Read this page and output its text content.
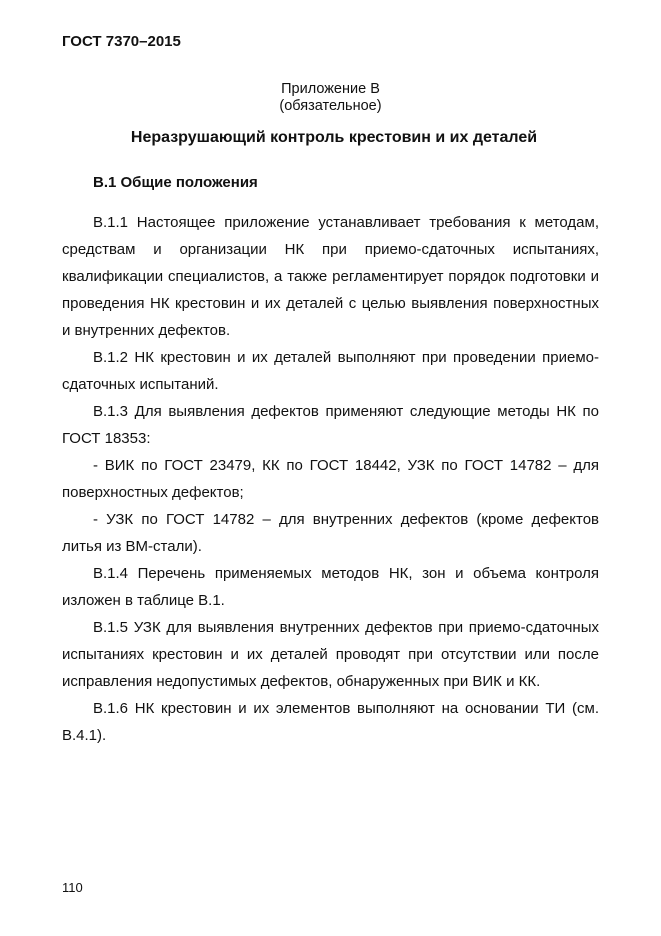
ГОСТ 7370–2015
Приложение В
(обязательное)
Неразрушающий контроль крестовин и их деталей
В.1 Общие положения

В.1.1 Настоящее приложение устанавливает требования к методам, средствам и организации НК при приемо-сдаточных испытаниях, квалификации специалистов, а также регламентирует порядок подготовки и проведения НК крестовин и их деталей с целью выявления поверхностных и внутренних дефектов.

В.1.2 НК крестовин и их деталей выполняют при проведении приемо-сдаточных испытаний.

В.1.3 Для выявления дефектов применяют следующие методы НК по ГОСТ 18353:

- ВИК по ГОСТ 23479, КК по ГОСТ 18442, УЗК по ГОСТ 14782 – для поверхностных дефектов;

- УЗК по ГОСТ 14782 – для внутренних дефектов (кроме дефектов литья из ВМ-стали).

В.1.4 Перечень применяемых методов НК, зон и объема контроля изложен в таблице В.1.

В.1.5 УЗК для выявления внутренних дефектов при приемо-сдаточных испытаниях крестовин и их деталей проводят при отсутствии или после исправления недопустимых дефектов, обнаруженных при ВИК и КК.

В.1.6 НК крестовин и их элементов выполняют на основании ТИ (см. В.4.1).

110
